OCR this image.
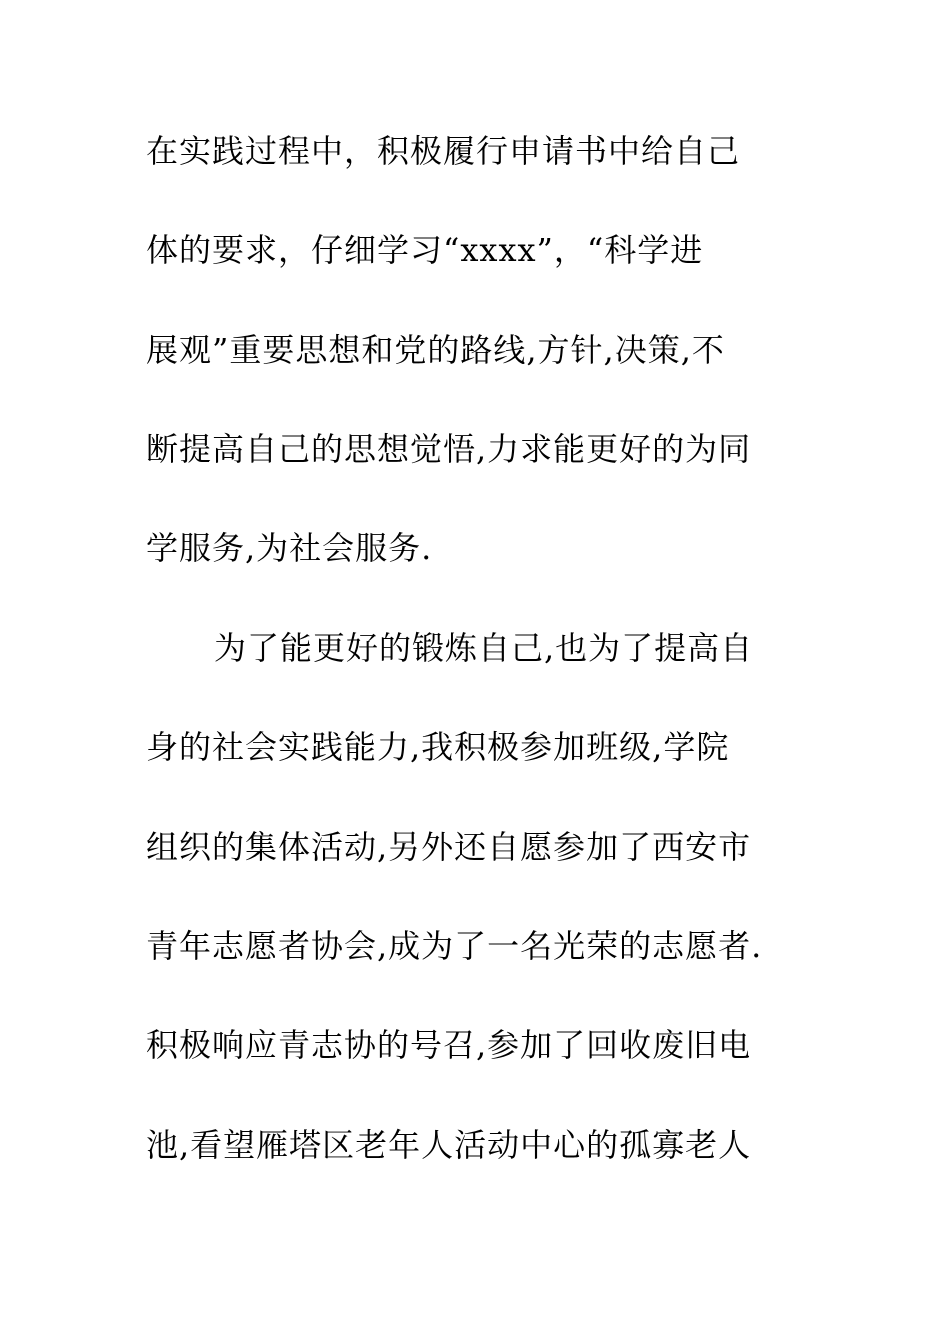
在实践过程中，积极履行申请书中给自己
体的要求，仔细学习“xxxx”，“科学进
展观”重要思想和党的路线,方针,决策,不
断提高自己的思想觉悟,力求能更好的为同
学服务,为社会服务.
为了能更好的锻炼自己,也为了提高自
身的社会实践能力,我积极参加班级,学院
组织的集体活动,另外还自愿参加了西安市
青年志愿者协会,成为了一名光荣的志愿者.
积极响应青志协的号召,参加了回收废旧电
池,看望雁塔区老年人活动中心的孤寡老人
